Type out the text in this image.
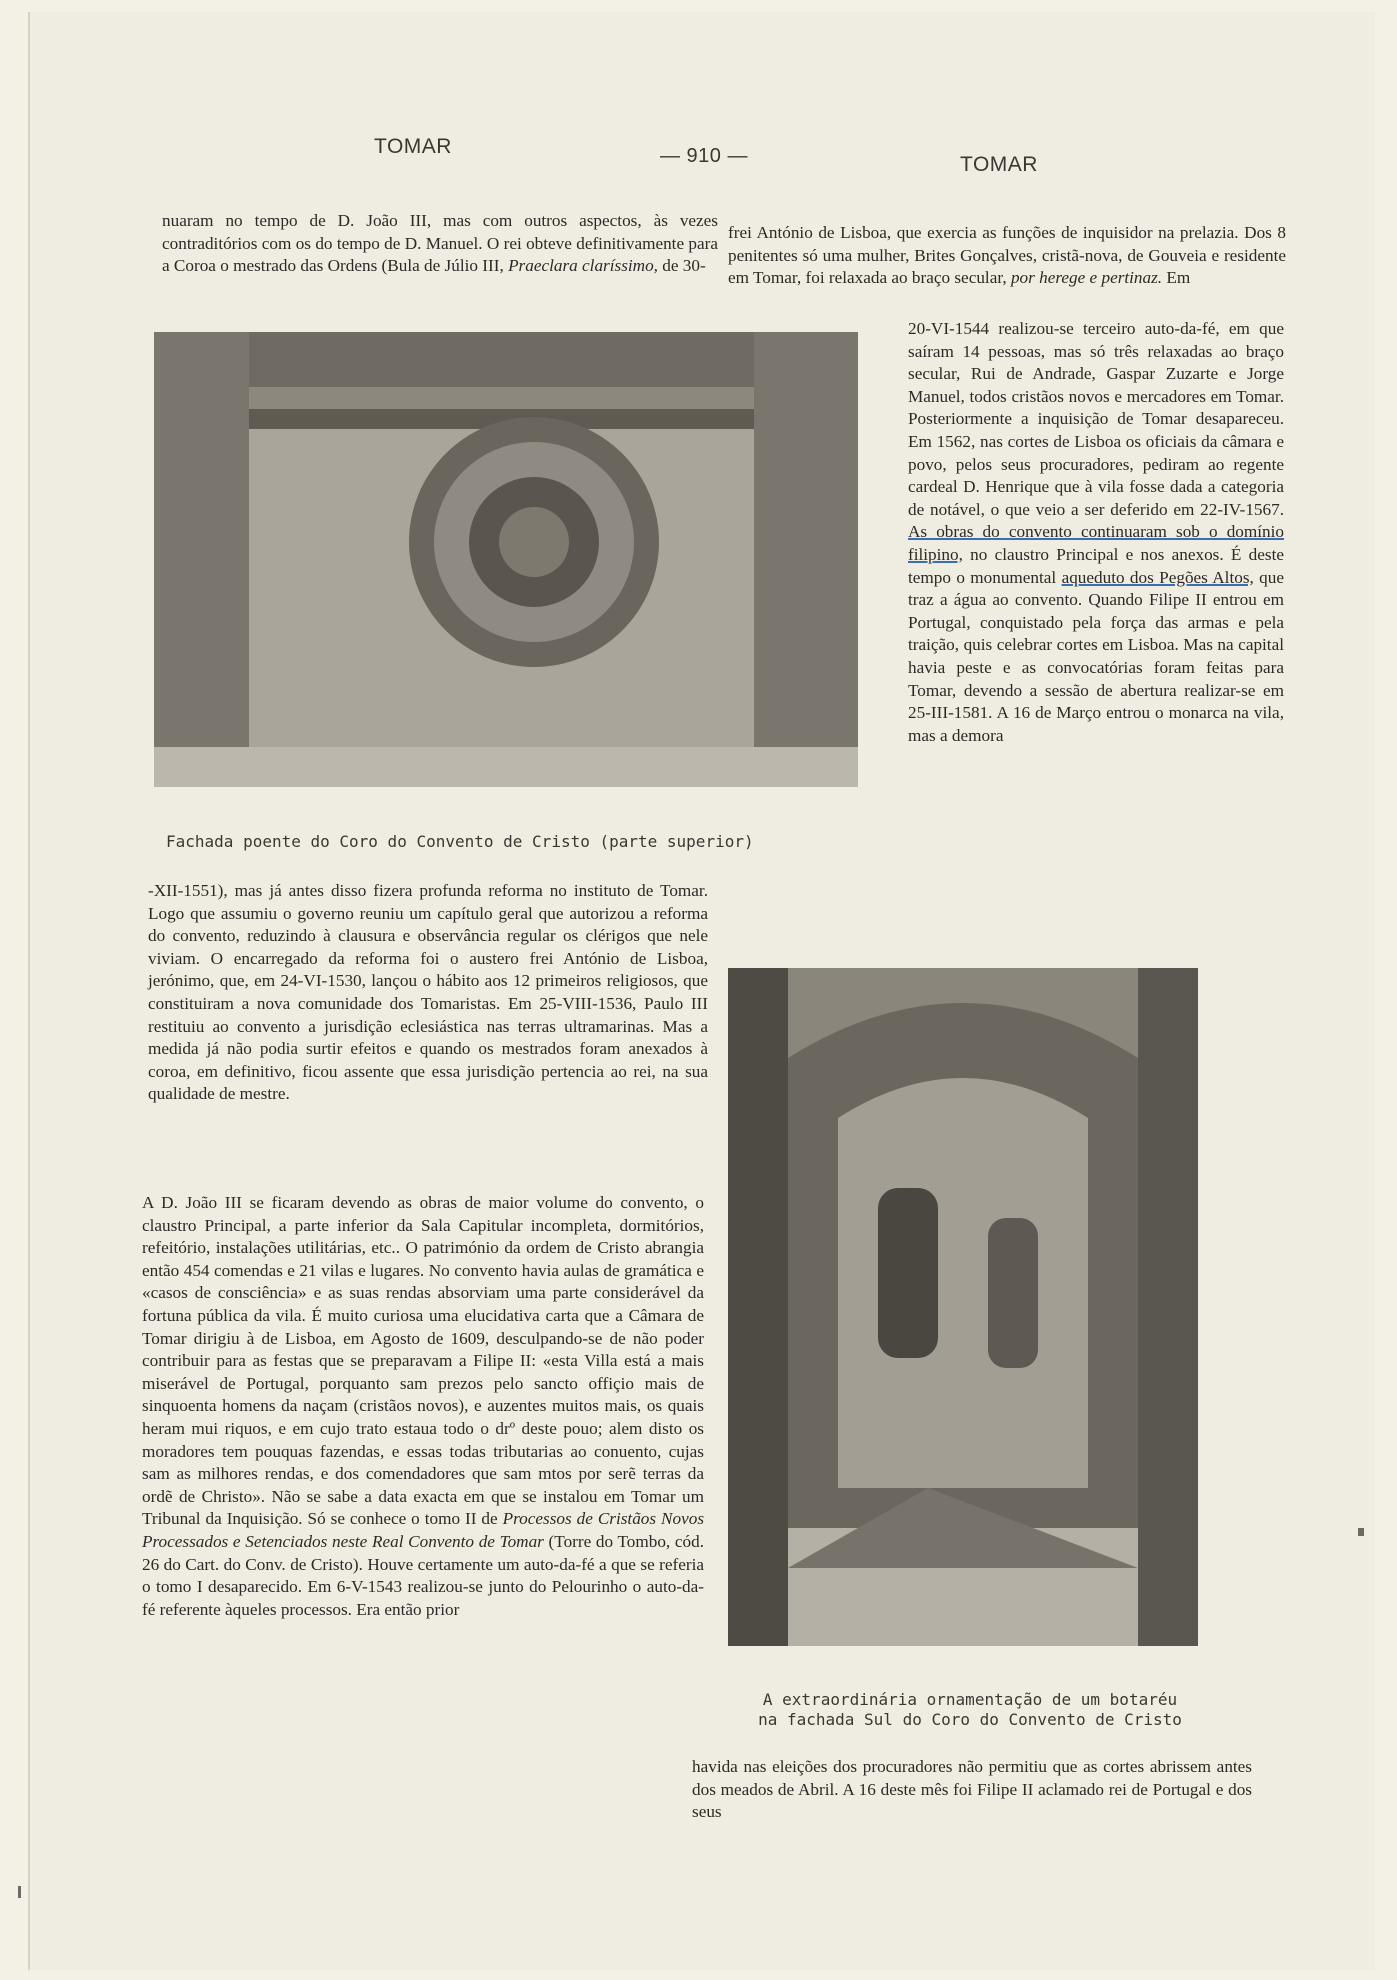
TOMAR	— 910 —	TOMAR

nuaram no tempo de D. João III, mas com outros aspectos, às vezes contraditórios com os do tempo de D. Manuel. O rei obteve definitivamente para a Coroa o mestrado das Ordens (Bula de Júlio III, Praeclara claríssimo, de 30-

frei António de Lisboa, que exercia as funções de inquisidor na prelazia. Dos 8 penitentes só uma mulher, Brites Gonçalves, cristã-nova, de Gouveia e residente em Tomar, foi relaxada ao braço secular, por herege e pertinaz. Em

20-VI-1544 realizou-se terceiro auto-da-fé, em que saíram 14 pessoas, mas só três relaxadas ao braço secular, Rui de Andrade, Gaspar Zuzarte e Jorge Manuel, todos cristãos novos e mercadores em Tomar. Posteriormente a inquisição de Tomar desapareceu. Em 1562, nas cortes de Lisboa os oficiais da câmara e povo, pelos seus procuradores, pediram ao regente cardeal D. Henrique que à vila fosse dada a categoria de notável, o que veio a ser deferido em 22-IV-1567. As obras do convento continuaram sob o domínio filipino, no claustro Principal e nos anexos. É deste tempo o monumental aqueduto dos Pegões Altos, que traz a água ao convento. Quando Filipe II entrou em Portugal, conquistado pela força das armas e pela traição, quis celebrar cortes em Lisboa. Mas na capital havia peste e as convocatórias foram feitas para Tomar, devendo a sessão de abertura realizar-se em 25-III-1581. A 16 de Março entrou o monarca na vila, mas a demora

Fachada poente do Coro do Convento de Cristo (parte superior)

-XII-1551), mas já antes disso fizera profunda reforma no instituto de Tomar. Logo que assumiu o governo reuniu um capítulo geral que autorizou a reforma do convento, reduzindo à clausura e observância regular os clérigos que nele viviam. O encarregado da reforma foi o austero frei António de Lisboa, jerónimo, que, em 24-VI-1530, lançou o hábito aos 12 primeiros religiosos, que constituiram a nova comunidade dos Tomaristas. Em 25-VIII-1536, Paulo III restituiu ao convento a jurisdição eclesiástica nas terras ultramarinas. Mas a medida já não podia surtir efeitos e quando os mestrados foram anexados à coroa, em definitivo, ficou assente que essa jurisdição pertencia ao rei, na sua qualidade de mestre.

A D. João III se ficaram devendo as obras de maior volume do convento, o claustro Principal, a parte inferior da Sala Capitular incompleta, dormitórios, refeitório, instalações utilitárias, etc.. O património da ordem de Cristo abrangia então 454 comendas e 21 vilas e lugares. No convento havia aulas de gramática e «casos de consciência» e as suas rendas absorviam uma parte considerável da fortuna pública da vila. É muito curiosa uma elucidativa carta que a Câmara de Tomar dirigiu à de Lisboa, em Agosto de 1609, desculpando-se de não poder contribuir para as festas que se preparavam a Filipe II: «esta Villa está a mais miserável de Portugal, porquanto sam prezos pelo sancto offiçio mais de sinquoenta homens da naçam (cristãos novos), e auzentes muitos mais, os quais heram mui riquos, e em cujo trato estaua todo o drº deste pouo; alem disto os moradores tem pouquas fazendas, e essas todas tributarias ao conuento, cujas sam as milhores rendas, e dos comendadores que sam mtos por serẽ terras da ordẽ de Christo». Não se sabe a data exacta em que se instalou em Tomar um Tribunal da Inquisição. Só se conhece o tomo II de Processos de Cristãos Novos Processados e Setenciados neste Real Convento de Tomar (Torre do Tombo, cód. 26 do Cart. do Conv. de Cristo). Houve certamente um auto-da-fé a que se referia o tomo I desaparecido. Em 6-V-1543 realizou-se junto do Pelourinho o auto-da-fé referente àqueles processos. Era então prior

A extraordinária ornamentação de um botaréu
na fachada Sul do Coro do Convento de Cristo

havida nas eleições dos procuradores não permitiu que as cortes abrissem antes dos meados de Abril. A 16 deste mês foi Filipe II aclamado rei de Portugal e dos seus
